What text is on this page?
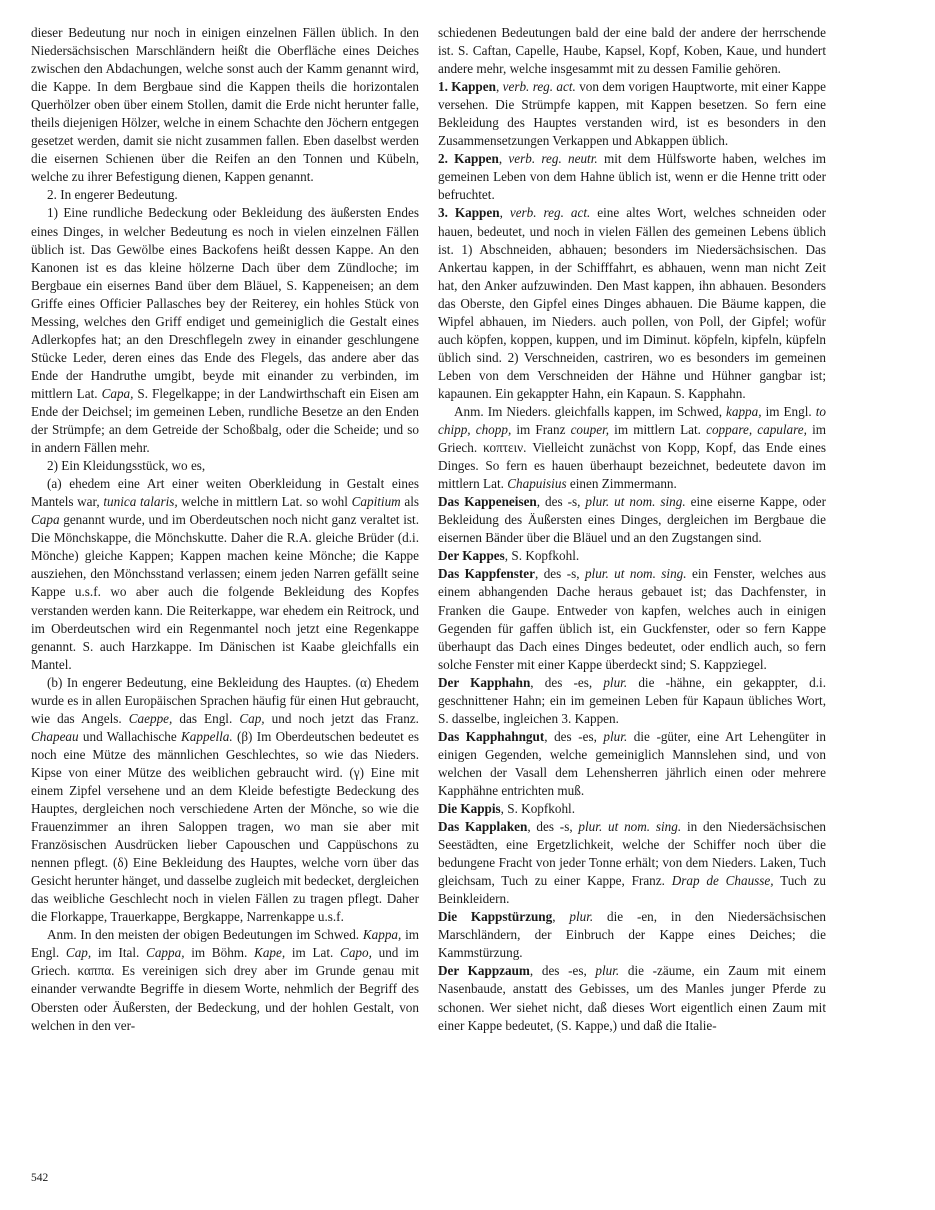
dieser Bedeutung nur noch in einigen einzelnen Fällen üblich. In den Niedersächsischen Marschländern heißt die Oberfläche eines Deiches zwischen den Abdachungen, welche sonst auch der Kamm genannt wird, die Kappe. In dem Bergbaue sind die Kappen theils die horizontalen Querhölzer oben über einem Stollen, damit die Erde nicht herunter falle, theils diejenigen Hölzer, welche in einem Schachte den Jöchern entgegen gesetzet werden, damit sie nicht zusammen fallen. Eben daselbst werden die eisernen Schienen über die Reifen an den Tonnen und Kübeln, welche zu ihrer Befestigung dienen, Kappen genannt.

2. In engerer Bedeutung.

1) Eine rundliche Bedeckung oder Bekleidung des äußersten Endes eines Dinges, in welcher Bedeutung es noch in vielen einzelnen Fällen üblich ist. Das Gewölbe eines Backofens heißt dessen Kappe. An den Kanonen ist es das kleine hölzerne Dach über dem Zündloche; im Bergbaue ein eisernes Band über dem Bläuel, S. Kappeneisen; an dem Griffe eines Officier Pallasches bey der Reiterey, ein hohles Stück von Messing, welches den Griff endiget und gemeiniglich die Gestalt eines Adlerkopfes hat; an den Dreschflegeln zwey in einander geschlungene Stücke Leder, deren eines das Ende des Flegels, das andere aber das Ende der Handruthe umgibt, beyde mit einander zu verbinden, im mittlern Lat. Capa, S. Flegelkappe; in der Landwirthschaft ein Eisen am Ende der Deichsel; im gemeinen Leben, rundliche Besetze an den Enden der Strümpfe; an dem Getreide der Schoßbalg, oder die Scheide; und so in andern Fällen mehr.

2) Ein Kleidungsstück, wo es,

(a) ehedem eine Art einer weiten Oberkleidung in Gestalt eines Mantels war, tunica talaris, welche in mittlern Lat. so wohl Capitium als Capa genannt wurde, und im Oberdeutschen noch nicht ganz veraltet ist. Die Mönchskappe, die Mönchskutte. Daher die R.A. gleiche Brüder (d.i. Mönche) gleiche Kappen; Kappen machen keine Mönche; die Kappe ausziehen, den Mönchsstand verlassen; einem jeden Narren gefällt seine Kappe u.s.f. wo aber auch die folgende Bekleidung des Kopfes verstanden werden kann. Die Reiterkappe, war ehedem ein Reitrock, und im Oberdeutschen wird ein Regenmantel noch jetzt eine Regenkappe genannt. S. auch Harzkappe. Im Dänischen ist Kaabe gleichfalls ein Mantel.

(b) In engerer Bedeutung, eine Bekleidung des Hauptes. (α) Ehedem wurde es in allen Europäischen Sprachen häufig für einen Hut gebraucht, wie das Angels. Caeppe, das Engl. Cap, und noch jetzt das Franz. Chapeau und Wallachische Kappella. (β) Im Oberdeutschen bedeutet es noch eine Mütze des männlichen Geschlechtes, so wie das Nieders. Kipse von einer Mütze des weiblichen gebraucht wird. (γ) Eine mit einem Zipfel versehene und an dem Kleide befestigte Bedeckung des Hauptes, dergleichen noch verschiedene Arten der Mönche, so wie die Frauenzimmer an ihren Saloppen tragen, wo man sie aber mit Französischen Ausdrücken lieber Capouschen und Cappüschons zu nennen pflegt. (δ) Eine Bekleidung des Hauptes, welche vorn über das Gesicht herunter hänget, und dasselbe zugleich mit bedecket, dergleichen das weibliche Geschlecht noch in vielen Fällen zu tragen pflegt. Daher die Florkappe, Trauerkappe, Bergkappe, Narrenkappe u.s.f.

Anm. In den meisten der obigen Bedeutungen im Schwed. Kappa, im Engl. Cap, im Ital. Cappa, im Böhm. Kape, im Lat. Capo, und im Griech. καππα. Es vereinigen sich drey aber im Grunde genau mit einander verwandte Begriffe in diesem Worte, nehmlich der Begriff des Obersten oder Äußersten, der Bedeckung, und der hohlen Gestalt, von welchen in den ver-

schiedenen Bedeutungen bald der eine bald der andere der herrschende ist. S. Caftan, Capelle, Haube, Kapsel, Kopf, Koben, Kaue, und hundert andere mehr, welche insgesammt mit zu dessen Familie gehören.

1. Kappen, verb. reg. act. von dem vorigen Hauptworte, mit einer Kappe versehen. Die Strümpfe kappen, mit Kappen besetzen. So fern eine Bekleidung des Hauptes verstanden wird, ist es besonders in den Zusammensetzungen Verkappen und Abkappen üblich.

2. Kappen, verb. reg. neutr. mit dem Hülfsworte haben, welches im gemeinen Leben von dem Hahne üblich ist, wenn er die Henne tritt oder befruchtet.

3. Kappen, verb. reg. act. eine altes Wort, welches schneiden oder hauen, bedeutet, und noch in vielen Fällen des gemeinen Lebens üblich ist. 1) Abschneiden, abhauen; besonders im Niedersächsischen. Das Ankertau kappen, in der Schifffahrt, es abhauen, wenn man nicht Zeit hat, den Anker aufzuwinden. Den Mast kappen, ihn abhauen. Besonders das Oberste, den Gipfel eines Dinges abhauen. Die Bäume kappen, die Wipfel abhauen, im Nieders. auch pollen, von Poll, der Gipfel; wofür auch köpfen, koppen, kuppen, und im Diminut. köpfeln, kipfeln, küpfeln üblich sind. 2) Verschneiden, castriren, wo es besonders im gemeinen Leben von dem Verschneiden der Hähne und Hühner gangbar ist; kapaunen. Ein gekappter Hahn, ein Kapaun. S. Kapphahn.

Anm. Im Nieders. gleichfalls kappen, im Schwed, kappa, im Engl. to chipp, chopp, im Franz couper, im mittlern Lat. coppare, capulare, im Griech. κοπτειν. Vielleicht zunächst von Kopp, Kopf, das Ende eines Dinges. So fern es hauen überhaupt bezeichnet, bedeutete davon im mittlern Lat. Chapuisius einen Zimmermann.

Das Kappeneisen, des -s, plur. ut nom. sing. eine eiserne Kappe, oder Bekleidung des Äußersten eines Dinges, dergleichen im Bergbaue die eisernen Bänder über die Bläuel und an den Zugstangen sind.

Der Kappes, S. Kopfkohl.

Das Kappfenster, des -s, plur. ut nom. sing. ein Fenster, welches aus einem abhangenden Dache heraus gebauet ist; das Dachfenster, in Franken die Gaupe. Entweder von kapfen, welches auch in einigen Gegenden für gaffen üblich ist, ein Guckfenster, oder so fern Kappe überhaupt das Dach eines Dinges bedeutet, oder endlich auch, so fern solche Fenster mit einer Kappe überdeckt sind; S. Kappziegel.

Der Kapphahn, des -es, plur. die -hähne, ein gekappter, d.i. geschnittener Hahn; ein im gemeinen Leben für Kapaun übliches Wort, S. dasselbe, ingleichen 3. Kappen.

Das Kapphahngut, des -es, plur. die -güter, eine Art Lehengüter in einigen Gegenden, welche gemeiniglich Mannslehen sind, und von welchen der Vasall dem Lehensherren jährlich einen oder mehrere Kapphähne entrichten muß.

Die Kappis, S. Kopfkohl.

Das Kapplaken, des -s, plur. ut nom. sing. in den Niedersächsischen Seestädten, eine Ergetzlichkeit, welche der Schiffer noch über die bedungene Fracht von jeder Tonne erhält; von dem Nieders. Laken, Tuch gleichsam, Tuch zu einer Kappe, Franz. Drap de Chausse, Tuch zu Beinkleidern.

Die Kappstürzung, plur. die -en, in den Niedersächsischen Marschländern, der Einbruch der Kappe eines Deiches; die Kammstürzung.

Der Kappzaum, des -es, plur. die -zäume, ein Zaum mit einem Nasenbaude, anstatt des Gebisses, um des Manles junger Pferde zu schonen. Wer siehet nicht, daß dieses Wort eigentlich einen Zaum mit einer Kappe bedeutet, (S. Kappe,) und daß die Italie-

542
